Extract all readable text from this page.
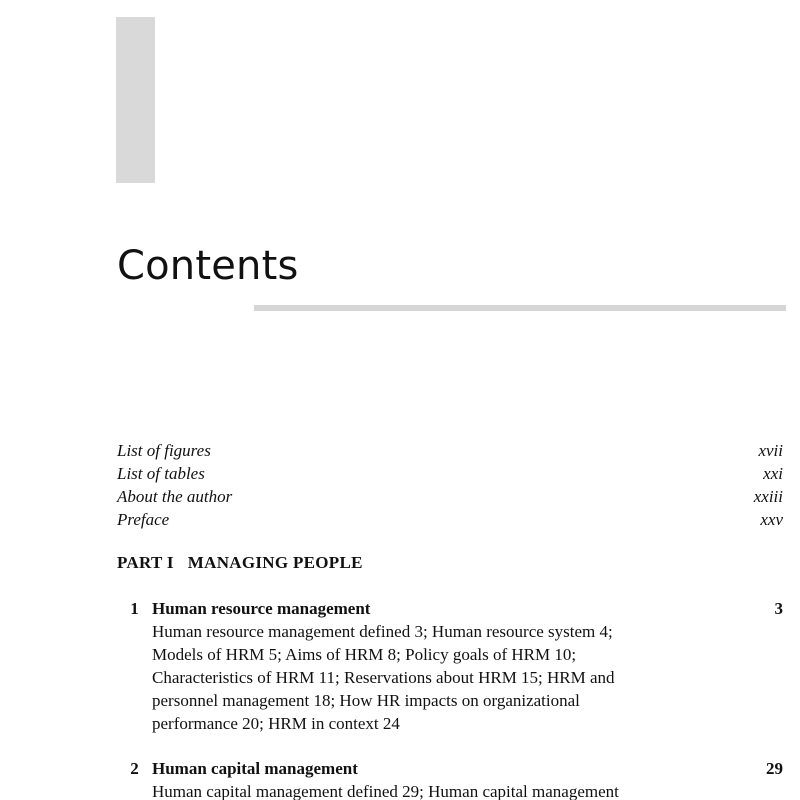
Contents
List of figures	xvii
List of tables	xxi
About the author	xxiii
Preface	xxv
PART I MANAGING PEOPLE
1 Human resource management	3
Human resource management defined 3; Human resource system 4;
Models of HRM 5; Aims of HRM 8; Policy goals of HRM 10;
Characteristics of HRM 11; Reservations about HRM 15; HRM and
personnel management 18; How HR impacts on organizational
performance 20; HRM in context 24
2 Human capital management	29
Human capital management defined 29; Human capital management
